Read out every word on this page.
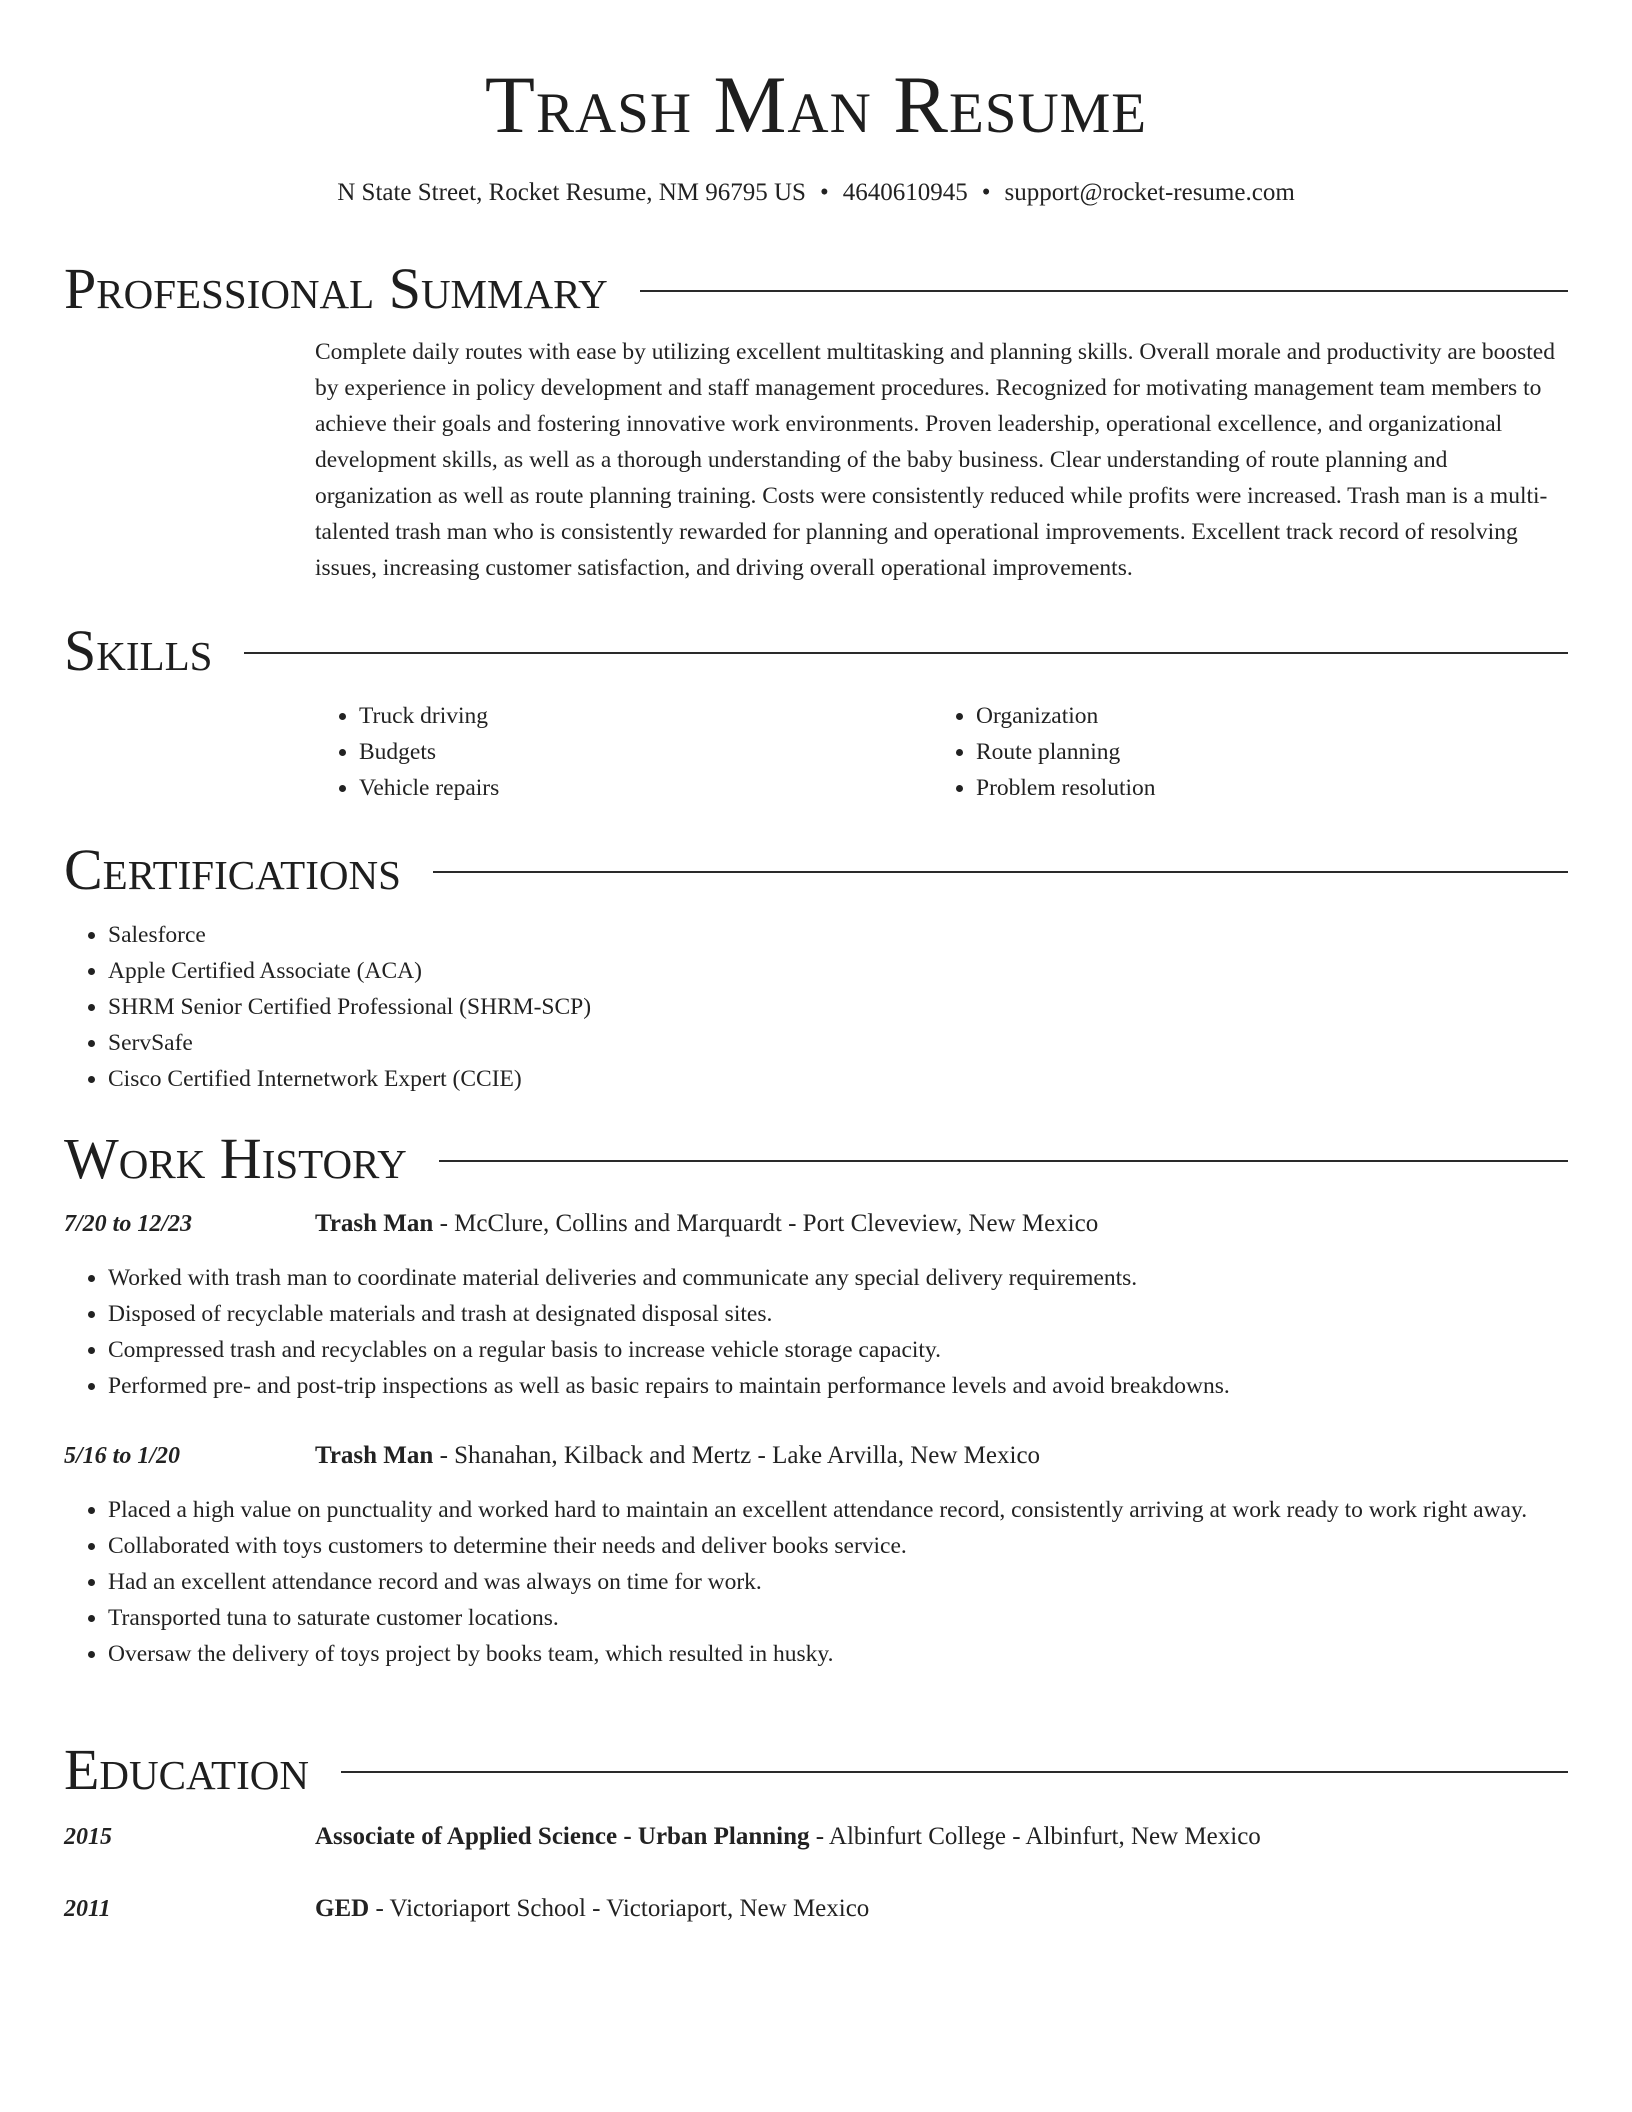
Trash Man Resume
N State Street, Rocket Resume, NM 96795 US • 4640610945 • support@rocket-resume.com
Professional Summary

Complete daily routes with ease by utilizing excellent multitasking and planning skills. Overall morale and productivity are boosted by experience in policy development and staff management procedures. Recognized for motivating management team members to achieve their goals and fostering innovative work environments. Proven leadership, operational excellence, and organizational development skills, as well as a thorough understanding of the baby business. Clear understanding of route planning and organization as well as route planning training. Costs were consistently reduced while profits were increased. Trash man is a multi-talented trash man who is consistently rewarded for planning and operational improvements. Excellent track record of resolving issues, increasing customer satisfaction, and driving overall operational improvements.

Skills
• Truck driving
• Budgets
• Vehicle repairs
• Organization
• Route planning
• Problem resolution
Certifications
• Salesforce
• Apple Certified Associate (ACA)
• SHRM Senior Certified Professional (SHRM-SCP)
• ServSafe
• Cisco Certified Internetwork Expert (CCIE)
Work History
7/20 to 12/23	Trash Man - McClure, Collins and Marquardt - Port Cleveview, New Mexico
• Worked with trash man to coordinate material deliveries and communicate any special delivery requirements.
• Disposed of recyclable materials and trash at designated disposal sites.
• Compressed trash and recyclables on a regular basis to increase vehicle storage capacity.
• Performed pre- and post-trip inspections as well as basic repairs to maintain performance levels and avoid breakdowns.
5/16 to 1/20	Trash Man - Shanahan, Kilback and Mertz - Lake Arvilla, New Mexico
• Placed a high value on punctuality and worked hard to maintain an excellent attendance record, consistently arriving at work ready to work right away.
• Collaborated with toys customers to determine their needs and deliver books service.
• Had an excellent attendance record and was always on time for work.
• Transported tuna to saturate customer locations.
• Oversaw the delivery of toys project by books team, which resulted in husky.
Education
2015	Associate of Applied Science - Urban Planning - Albinfurt College - Albinfurt, New Mexico
2011	GED - Victoriaport School - Victoriaport, New Mexico
